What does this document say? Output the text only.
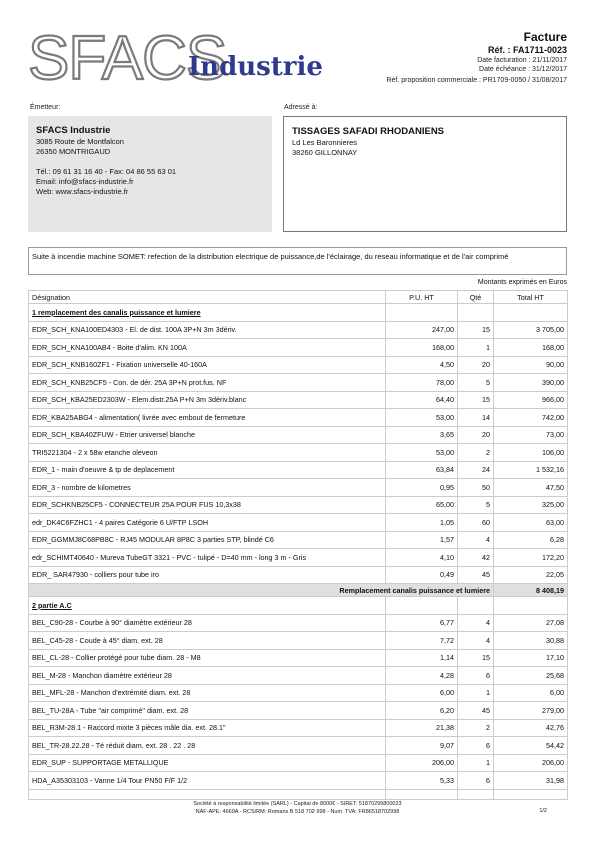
SFACS
Industrie
Facture
Réf. : FA1711-0023
Date facturation : 21/11/2017
Date échéance : 31/12/2017
Réf. proposition commerciale : PR1709-0050 / 31/08/2017
Émetteur:	Adressé à:
SFACS Industrie
3085 Route de Montfalcon
26350 MONTRIGAUD
Tél.: 09 61 31 16 40 - Fax: 04 86 55 63 01
Email: info@sfacs-industrie.fr
Web: www.sfacs-industrie.fr
TISSAGES SAFADI RHODANIENS
Ld Les Baronnieres
38260 GILLONNAY
Suite à incendie machine SOMET: refection de la distribution electrique de puissance,de l'éclairage, du reseau informatique et de l'air comprimé
Montants exprimés en Euros
Désignation	P.U. HT	Qté	Total HT
1 remplacement des canalis puissance et lumiere			
EDR_SCH_KNA100ED4303 - El. de dist. 100A 3P+N 3m 3dériv.	247,00	15	3 705,00
EDR_SCH_KNA100AB4 - Boite d'alim. KN 100A	168,00	1	168,00
EDR_SCH_KNB160ZF1 - Fixation universelle 40-160A	4,50	20	90,00
EDR_SCH_KNB25CF5 - Con. de dér. 25A 3P+N prot.fus. NF	78,00	5	390,00
EDR_SCH_KBA25ED2303W - Elem.distr.25A P+N 3m 3dériv.blanc	64,40	15	966,00
EDR_KBA25ABG4 - alimentation( livrée avec embout de fermeture	53,00	14	742,00
EDR_SCH_KBA40ZFUW - Etrier universel blanche	3,65	20	73,00
TRI5221304 - 2 x 58w etanche oleveon	53,00	2	106,00
EDR_1 - main d'oeuvre & tp de deplacement	63,84	24	1 532,16
EDR_3 - nombre de kilometres	0,95	50	47,50
EDR_SCHKNB25CF5 - CONNECTEUR 25A POUR FUS 10,3x38	65,00	5	325,00
edr_DK4C6FZHC1 - 4 paires Catégorie 6 U/FTP LSOH	1,05	60	63,00
EDR_GGMMJ8C68PB8C - RJ45 MODULAR 8P8C 3 parties STP, blindé C6	1,57	4	6,28
edr_SCHIMT40640 - Mureva TubeGT 3321 - PVC - tulipé - D=40 mm - long 3 m - Gris	4,10	42	172,20
EDR_ SAR47930 - colliers pour tube iro	0,49	45	22,05
Remplacement canalis puissance et lumiere			8 408,19
2 partie A.C			
BEL_C90-28 - Courbe à 90° diamètre extérieur 28	6,77	4	27,08
BEL_C45-28 - Coude à 45° diam. ext. 28	7,72	4	30,88
BEL_CL-28 - Collier protégé pour tube diam. 28 - M8	1,14	15	17,10
BEL_M-28 - Manchon diamètre extérieur 28	4,28	6	25,68
BEL_MFL-28 - Manchon d'extrémité diam. ext. 28	6,00	1	6,00
BEL_TU-28A - Tube "air comprimé" diam. ext. 28	6,20	45	279,00
BEL_R3M-28.1 - Raccord mixte 3 pièces mâle dia. ext. 28.1"	21,38	2	42,76
BEL_TR-28.22.28 - Té réduit diam. ext. 28 . 22 . 28	9,07	6	54,42
EDR_SUP - SUPPORTAGE METALLIQUE	206,00	1	206,00
HDA_A35303103 - Vanne 1/4 Tour PN50 F/F 1/2	5,33	6	31,98

Société à responsabilité limitée (SARL) - Capital de 8000€ - SIRET: 51870299800023
NAF-APE: 4669A - RCS/RM: Romans B 518 702 998 - Num. TVA: FR86518702998	1/2
